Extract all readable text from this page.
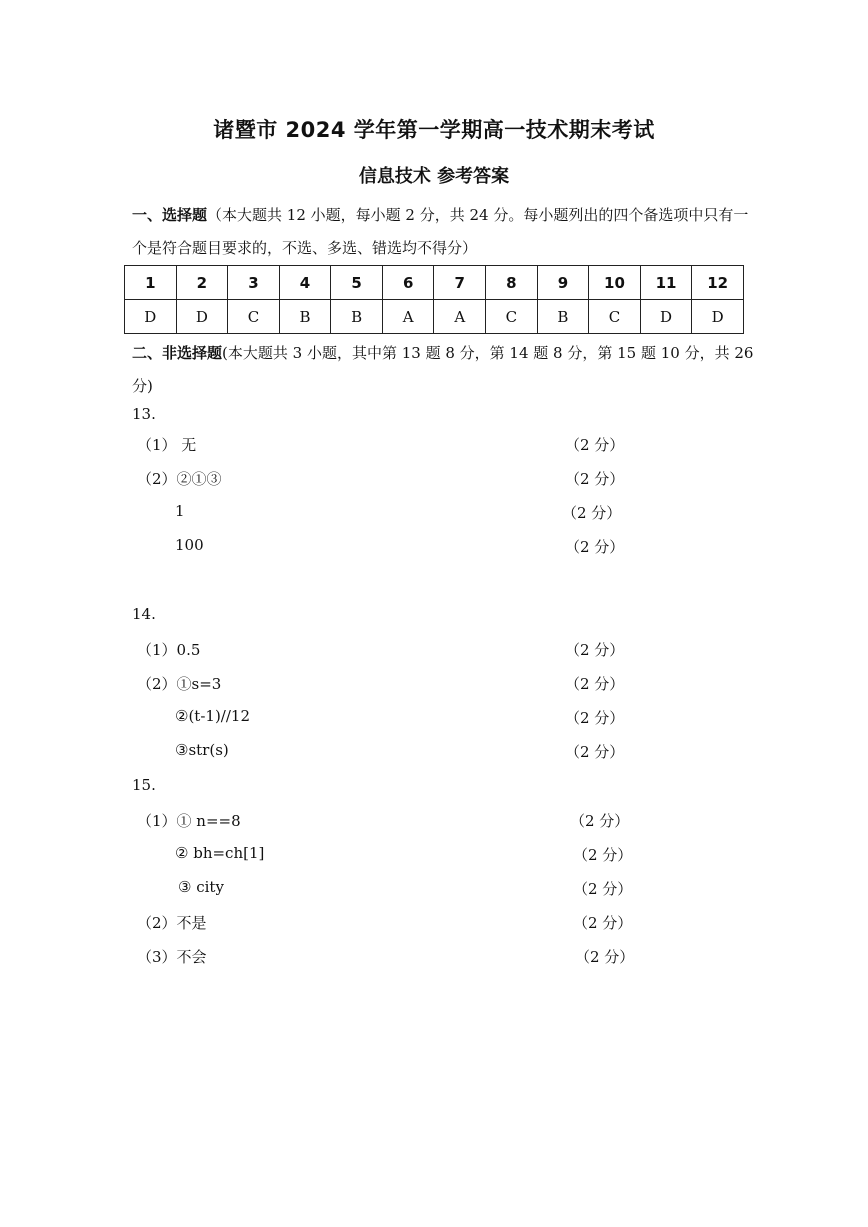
诸暨市 2024 学年第一学期高一技术期末考试
信息技术 参考答案
一、选择题（本大题共 12 小题，每小题 2 分，共 24 分。每小题列出的四个备选项中只有一个是符合题目要求的，不选、多选、错选均不得分）
1	2	3	4	5	6	7	8	9	10	11	12
D	D	C	B	B	A	A	C	B	C	D	D
二、非选择题(本大题共 3 小题，其中第 13 题 8 分，第 14 题 8 分，第 15 题 10 分，共 26 分)
13.
（1） 无	（2 分）
（2）②①③	（2 分）
1	（2 分）
100	（2 分）
14.
（1）0.5	（2 分）
（2）①s=3	（2 分）
②(t-1)//12	（2 分）
③str(s)	（2 分）
15.
（1）① n==8	（2 分）
② bh=ch[1]	（2 分）
③ city	（2 分）
（2）不是	（2 分）
（3）不会	（2 分）
